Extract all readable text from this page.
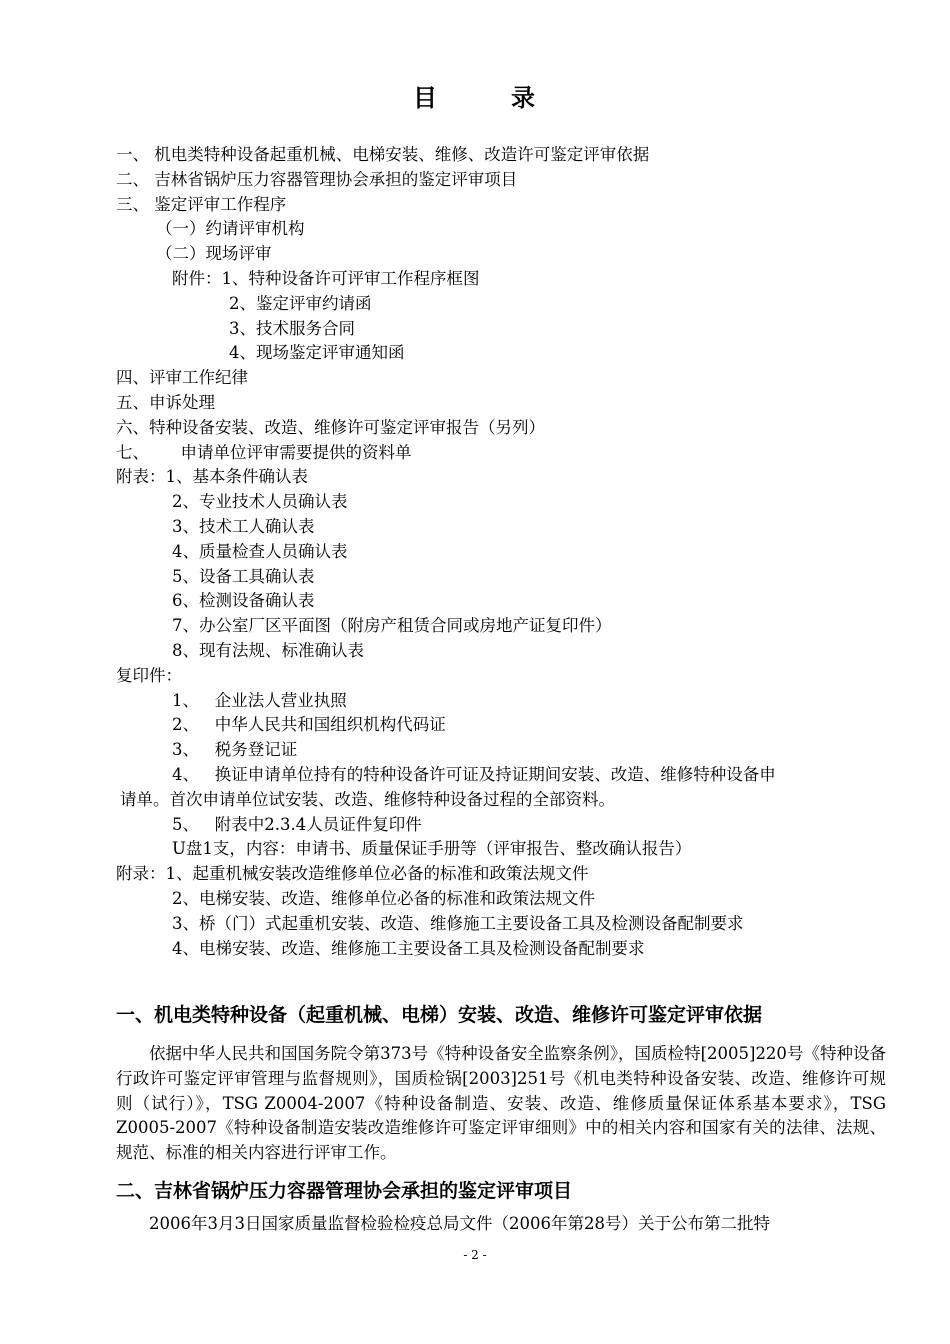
目	录
一、 机电类特种设备起重机械、电梯安装、维修、改造许可鉴定评审依据
二、 吉林省锅炉压力容器管理协会承担的鉴定评审项目
三、 鉴定评审工作程序
（一）约请评审机构
（二）现场评审
附件：1、特种设备许可评审工作程序框图
2、鉴定评审约请函
3、技术服务合同
4、现场鉴定评审通知函
四、评审工作纪律
五、申诉处理
六、特种设备安装、改造、维修许可鉴定评审报告（另列）
七、      申请单位评审需要提供的资料单
附表：1、基本条件确认表
2、专业技术人员确认表
3、技术工人确认表
4、质量检查人员确认表
5、设备工具确认表
6、检测设备确认表
7、办公室厂区平面图（附房产租赁合同或房地产证复印件）
8、现有法规、标准确认表
复印件：
1、   企业法人营业执照
2、   中华人民共和国组织机构代码证
3、   税务登记证
4、   换证申请单位持有的特种设备许可证及持证期间安装、改造、维修特种设备申
请单。首次申请单位试安装、改造、维修特种设备过程的全部资料。
5、   附表中2.3.4人员证件复印件
U盘1支，内容：申请书、质量保证手册等（评审报告、整改确认报告）
附录：1、起重机械安装改造维修单位必备的标准和政策法规文件
2、电梯安装、改造、维修单位必备的标准和政策法规文件
3、桥（门）式起重机安装、改造、维修施工主要设备工具及检测设备配制要求
4、电梯安装、改造、维修施工主要设备工具及检测设备配制要求
一、机电类特种设备（起重机械、电梯）安装、改造、维修许可鉴定评审依据
依据中华人民共和国国务院令第373号《特种设备安全监察条例》，国质检特[2005]220号《特种设备行政许可鉴定评审管理与监督规则》，国质检锅[2003]251号《机电类特种设备安装、改造、维修许可规则（试行）》，TSG Z0004-2007《特种设备制造、安装、改造、维修质量保证体系基本要求》，TSG Z0005-2007《特种设备制造安装改造维修许可鉴定评审细则》中的相关内容和国家有关的法律、法规、规范、标准的相关内容进行评审工作。
二、吉林省锅炉压力容器管理协会承担的鉴定评审项目
2006年3月3日国家质量监督检验检疫总局文件（2006年第28号）关于公布第二批特
- 2 -
